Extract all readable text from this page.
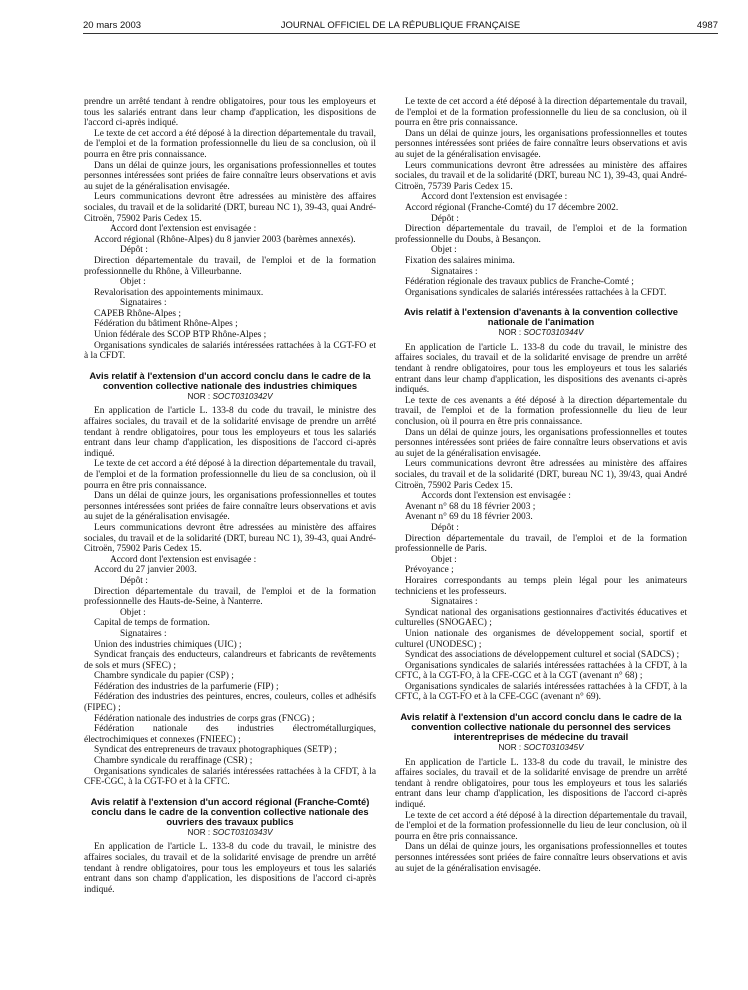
20 mars 2003	JOURNAL OFFICIEL DE LA RÉPUBLIQUE FRANÇAISE	4987

prendre un arrêté tendant à rendre obligatoires, pour tous les employeurs et tous les salariés entrant dans leur champ d'application, les dispositions de l'accord ci-après indiqué.

Le texte de cet accord a été déposé à la direction départementale du travail, de l'emploi et de la formation professionnelle du lieu de sa conclusion, où il pourra en être pris connaissance.

Dans un délai de quinze jours, les organisations professionnelles et toutes personnes intéressées sont priées de faire connaître leurs observations et avis au sujet de la généralisation envisagée.

Leurs communications devront être adressées au ministère des affaires sociales, du travail et de la solidarité (DRT, bureau NC 1), 39-43, quai André-Citroën, 75902 Paris Cedex 15.

Accord dont l'extension est envisagée :

Accord régional (Rhône-Alpes) du 8 janvier 2003 (barèmes annexés).

Dépôt :

Direction départementale du travail, de l'emploi et de la formation professionnelle du Rhône, à Villeurbanne.

Objet :

Revalorisation des appointements minimaux.

Signataires :

CAPEB Rhône-Alpes ;

Fédération du bâtiment Rhône-Alpes ;

Union fédérale des SCOP BTP Rhône-Alpes ;

Organisations syndicales de salariés intéressées rattachées à la CGT-FO et à la CFDT.

Avis relatif à l'extension d'un accord conclu dans le cadre de la convention collective nationale des industries chimiques
NOR : SOCT0310342V

En application de l'article L. 133-8 du code du travail, le ministre des affaires sociales, du travail et de la solidarité envisage de prendre un arrêté tendant à rendre obligatoires, pour tous les employeurs et tous les salariés entrant dans leur champ d'application, les dispositions de l'accord ci-après indiqué.

Le texte de cet accord a été déposé à la direction départementale du travail, de l'emploi et de la formation professionnelle du lieu de sa conclusion, où il pourra en être pris connaissance.

Dans un délai de quinze jours, les organisations professionnelles et toutes personnes intéressées sont priées de faire connaître leurs observations et avis au sujet de la généralisation envisagée.

Leurs communications devront être adressées au ministère des affaires sociales, du travail et de la solidarité (DRT, bureau NC 1), 39-43, quai André-Citroën, 75902 Paris Cedex 15.

Accord dont l'extension est envisagée :

Accord du 27 janvier 2003.

Dépôt :

Direction départementale du travail, de l'emploi et de la formation professionnelle des Hauts-de-Seine, à Nanterre.

Objet :

Capital de temps de formation.

Signataires :

Union des industries chimiques (UIC) ;

Syndicat français des enducteurs, calandreurs et fabricants de revêtements de sols et murs (SFEC) ;

Chambre syndicale du papier (CSP) ;

Fédération des industries de la parfumerie (FIP) ;

Fédération des industries des peintures, encres, couleurs, colles et adhésifs (FIPEC) ;

Fédération nationale des industries de corps gras (FNCG) ;

Fédération nationale des industries électrométallurgiques, électrochimiques et connexes (FNIEEC) ;

Syndicat des entrepreneurs de travaux photographiques (SETP) ;

Chambre syndicale du reraffinage (CSR) ;

Organisations syndicales de salariés intéressées rattachées à la CFDT, à la CFE-CGC, à la CGT-FO et à la CFTC.

Avis relatif à l'extension d'un accord régional (Franche-Comté) conclu dans le cadre de la convention collective nationale des ouvriers des travaux publics
NOR : SOCT0310343V

En application de l'article L. 133-8 du code du travail, le ministre des affaires sociales, du travail et de la solidarité envisage de prendre un arrêté tendant à rendre obligatoires, pour tous les employeurs et tous les salariés entrant dans son champ d'application, les dispositions de l'accord ci-après indiqué.

Le texte de cet accord a été déposé à la direction départementale du travail, de l'emploi et de la formation professionnelle du lieu de sa conclusion, où il pourra en être pris connaissance.

Dans un délai de quinze jours, les organisations professionnelles et toutes personnes intéressées sont priées de faire connaître leurs observations et avis au sujet de la généralisation envisagée.

Leurs communications devront être adressées au ministère des affaires sociales, du travail et de la solidarité (DRT, bureau NC 1), 39-43, quai André-Citroën, 75739 Paris Cedex 15.

Accord dont l'extension est envisagée :

Accord régional (Franche-Comté) du 17 décembre 2002.

Dépôt :

Direction départementale du travail, de l'emploi et de la formation professionnelle du Doubs, à Besançon.

Objet :

Fixation des salaires minima.

Signataires :

Fédération régionale des travaux publics de Franche-Comté ;

Organisations syndicales de salariés intéressées rattachées à la CFDT.

Avis relatif à l'extension d'avenants à la convention collective nationale de l'animation
NOR : SOCT0310344V

En application de l'article L. 133-8 du code du travail, le ministre des affaires sociales, du travail et de la solidarité envisage de prendre un arrêté tendant à rendre obligatoires, pour tous les employeurs et tous les salariés entrant dans leur champ d'application, les dispositions des avenants ci-après indiqués.

Le texte de ces avenants a été déposé à la direction départementale du travail, de l'emploi et de la formation professionnelle du lieu de leur conclusion, où il pourra en être pris connaissance.

Dans un délai de quinze jours, les organisations professionnelles et toutes personnes intéressées sont priées de faire connaître leurs observations et avis au sujet de la généralisation envisagée.

Leurs communications devront être adressées au ministère des affaires sociales, du travail et de la solidarité (DRT, bureau NC 1), 39/43, quai André Citroën, 75902 Paris Cedex 15.

Accords dont l'extension est envisagée :

Avenant n° 68 du 18 février 2003 ;

Avenant n° 69 du 18 février 2003.

Dépôt :

Direction départementale du travail, de l'emploi et de la formation professionnelle de Paris.

Objet :

Prévoyance ;

Horaires correspondants au temps plein légal pour les animateurs techniciens et les professeurs.

Signataires :

Syndicat national des organisations gestionnaires d'activités éducatives et culturelles (SNOGAEC) ;

Union nationale des organismes de développement social, sportif et culturel (UNODESC) ;

Syndicat des associations de développement culturel et social (SADCS) ;

Organisations syndicales de salariés intéressées rattachées à la CFDT, à la CFTC, à la CGT-FO, à la CFE-CGC et à la CGT (avenant n° 68) ;

Organisations syndicales de salariés intéressées rattachées à la CFDT, à la CFTC, à la CGT-FO et à la CFE-CGC (avenant n° 69).

Avis relatif à l'extension d'un accord conclu dans le cadre de la convention collective nationale du personnel des services interentreprises de médecine du travail
NOR : SOCT0310345V

En application de l'article L. 133-8 du code du travail, le ministre des affaires sociales, du travail et de la solidarité envisage de prendre un arrêté tendant à rendre obligatoires, pour tous les employeurs et tous les salariés entrant dans leur champ d'application, les dispositions de l'accord ci-après indiqué.

Le texte de cet accord a été déposé à la direction départementale du travail, de l'emploi et de la formation professionnelle du lieu de leur conclusion, où il pourra en être pris connaissance.

Dans un délai de quinze jours, les organisations professionnelles et toutes personnes intéressées sont priées de faire connaître leurs observations et avis au sujet de la généralisation envisagée.
